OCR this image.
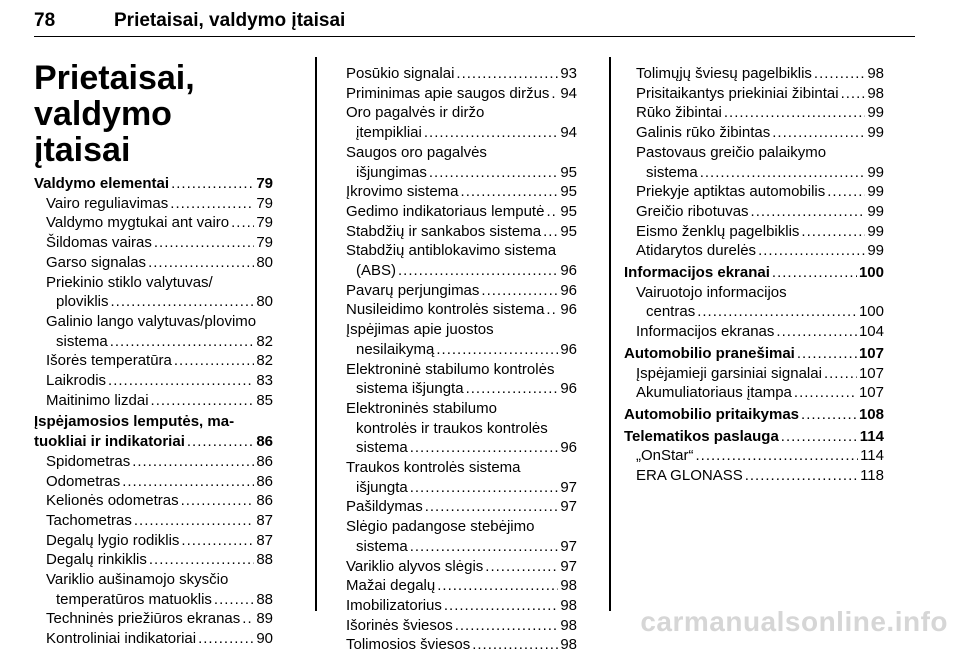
78	Prietaisai, valdymo įtaisai
Prietaisai, valdymo
įtaisai
Valdymo elementai .....	79
Vairo reguliavimas .....	79
Valdymo mygtukai ant vairo ..... 79
Šildomas vairas .....	79
Garso signalas .....	80
Priekinio stiklo valytuvas/
ploviklis .....	80
Galinio lango valytuvas/plovimo
sistema .....	82
Išorės temperatūra .....	82
Laikrodis .....	83
Maitinimo lizdai .....	85
Įspėjamosios lemputės, ma-
tuokliai ir indikatoriai .....	86
Spidometras .....	86
Odometras .....	86
Kelionės odometras .....	86
Tachometras .....	87
Degalų lygio rodiklis .....	87
Degalų rinkiklis .....	88
Variklio aušinamojo skysčio
temperatūros matuoklis .....	88
Techninės priežiūros ekranas ..... 89
Kontroliniai indikatoriai .....	90
Posūkio signalai .....	93
Priminimas apie saugos diržus ..... 94
Oro pagalvės ir diržo
įtempikliai .....	94
Saugos oro pagalvės
išjungimas .....	95
Įkrovimo sistema .....	95
Gedimo indikatoriaus lemputė ..... 95
Stabdžių ir sankabos sistema ..... 95
Stabdžių antiblokavimo sistema
(ABS) .....	96
Pavarų perjungimas .....	96
Nusileidimo kontrolės sistema ..... 96
Įspėjimas apie juostos
nesilaikymą .....	96
Elektroninė stabilumo kontrolės
sistema išjungta .....	96
Elektroninės stabilumo
kontrolės ir traukos kontrolės
sistema .....	96
Traukos kontrolės sistema
išjungta .....	97
Pašildymas .....	97
Slėgio padangose stebėjimo
sistema .....	97
Variklio alyvos slėgis .....	97
Mažai degalų .....	98
Imobilizatorius .....	98
Išorinės šviesos .....	98
Tolimosios šviesos .....	98
Tolimųjų šviesų pagelbiklis .....	98
Prisitaikantys priekiniai žibintai ..... 98
Rūko žibintai .....	99
Galinis rūko žibintas .....	99
Pastovaus greičio palaikymo
sistema .....	99
Priekyje aptiktas automobilis .....	99
Greičio ribotuvas .....	99
Eismo ženklų pagelbiklis .....	99
Atidarytos durelės .....	99
Informacijos ekranai .....	100
Vairuotojo informacijos
centras .....	100
Informacijos ekranas .....	104
Automobilio pranešimai .....	107
Įspėjamieji garsiniai signalai ..... 107
Akumuliatoriaus įtampa .....	107
Automobilio pritaikymas .....	108
Telematikos paslauga .....	114
„OnStar“ .....	114
ERA GLONASS .....	118
carmanualsonline.info
